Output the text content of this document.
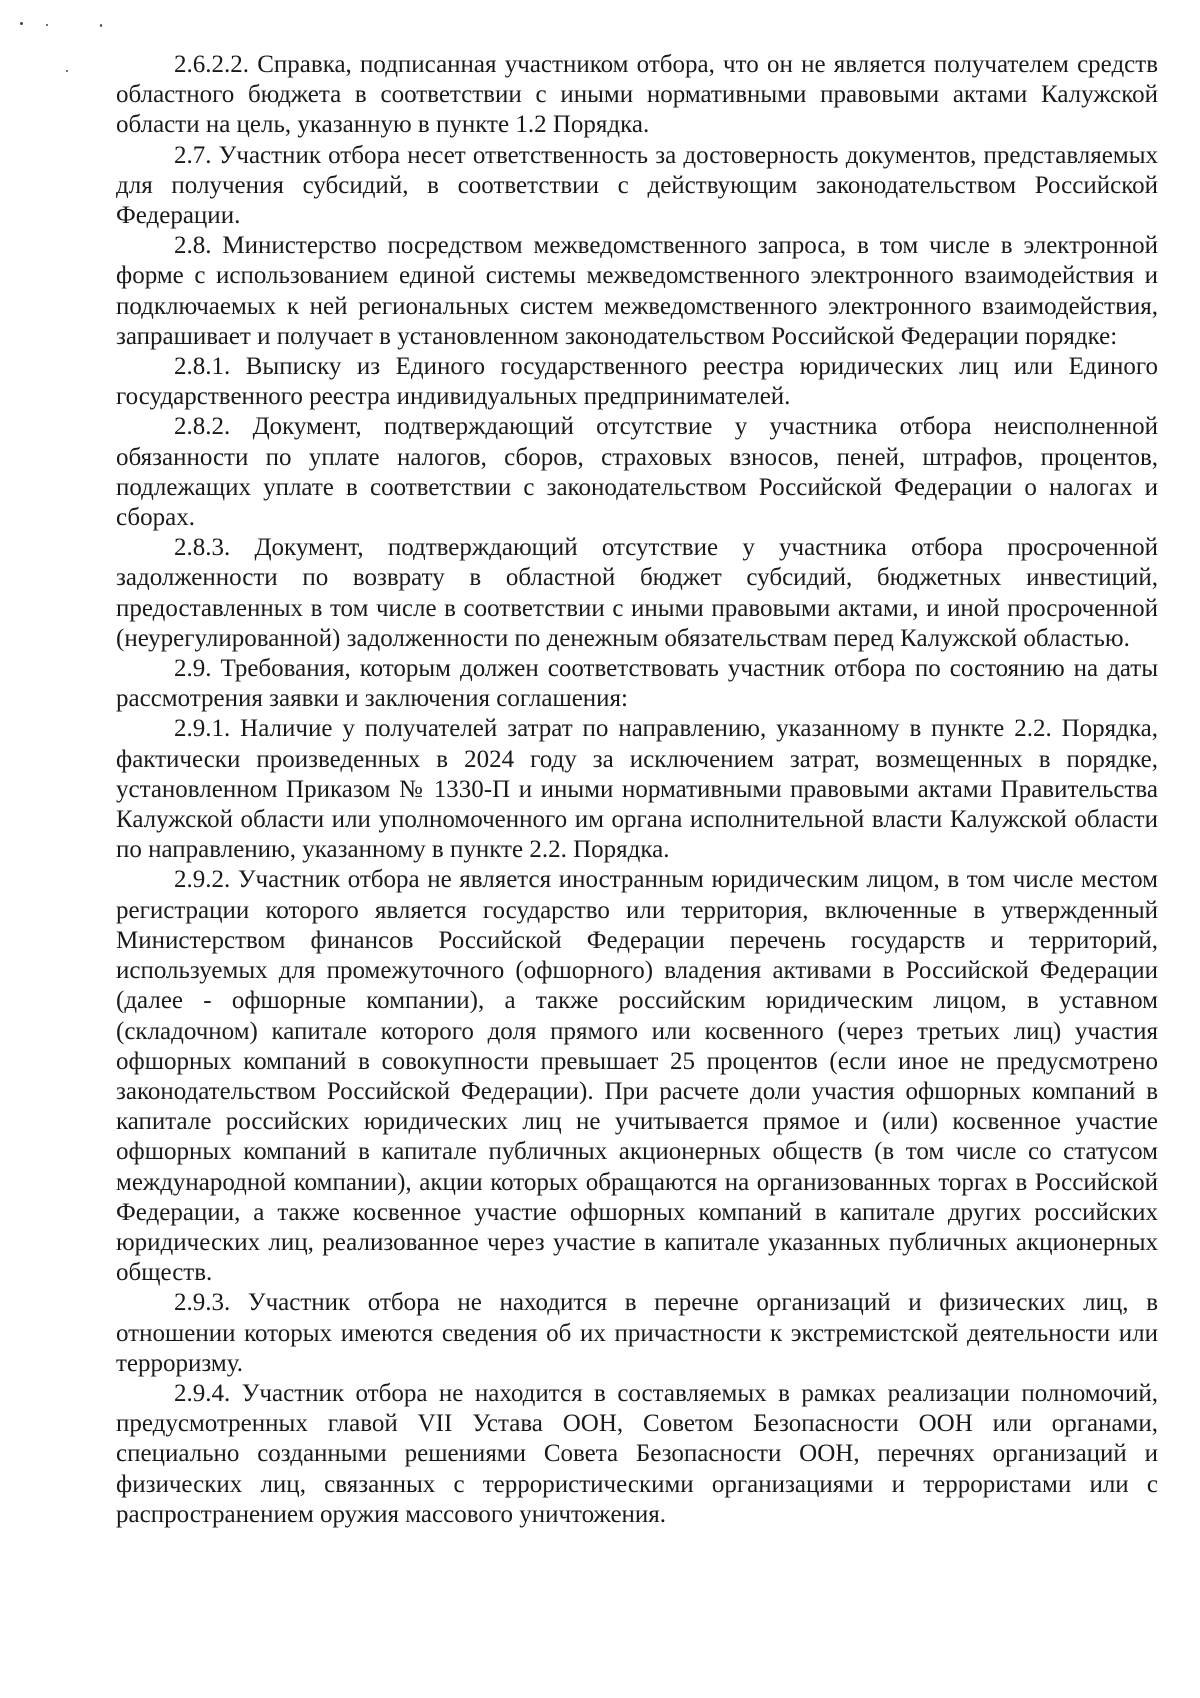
2.6.2.2. Справка, подписанная участником отбора, что он не является получателем средств областного бюджета в соответствии с иными нормативными правовыми актами Калужской области на цель, указанную в пункте 1.2 Порядка.

2.7. Участник отбора несет ответственность за достоверность документов, представляемых для получения субсидий, в соответствии с действующим законодательством Российской Федерации.

2.8. Министерство посредством межведомственного запроса, в том числе в электронной форме с использованием единой системы межведомственного электронного взаимодействия и подключаемых к ней региональных систем межведомственного электронного взаимодействия, запрашивает и получает в установленном законодательством Российской Федерации порядке:

2.8.1. Выписку из Единого государственного реестра юридических лиц или Единого государственного реестра индивидуальных предпринимателей.

2.8.2. Документ, подтверждающий отсутствие у участника отбора неисполненной обязанности по уплате налогов, сборов, страховых взносов, пеней, штрафов, процентов, подлежащих уплате в соответствии с законодательством Российской Федерации о налогах и сборах.

2.8.3. Документ, подтверждающий отсутствие у участника отбора просроченной задолженности по возврату в областной бюджет субсидий, бюджетных инвестиций, предоставленных в том числе в соответствии с иными правовыми актами, и иной просроченной (неурегулированной) задолженности по денежным обязательствам перед Калужской областью.

2.9. Требования, которым должен соответствовать участник отбора по состоянию на даты рассмотрения заявки и заключения соглашения:

2.9.1. Наличие у получателей затрат по направлению, указанному в пункте 2.2. Порядка, фактически произведенных в 2024 году за исключением затрат, возмещенных в порядке, установленном Приказом № 1330-П и иными нормативными правовыми актами Правительства Калужской области или уполномоченного им органа исполнительной власти Калужской области по направлению, указанному в пункте 2.2. Порядка.

2.9.2. Участник отбора не является иностранным юридическим лицом, в том числе местом регистрации которого является государство или территория, включенные в утвержденный Министерством финансов Российской Федерации перечень государств и территорий, используемых для промежуточного (офшорного) владения активами в Российской Федерации (далее - офшорные компании), а также российским юридическим лицом, в уставном (складочном) капитале которого доля прямого или косвенного (через третьих лиц) участия офшорных компаний в совокупности превышает 25 процентов (если иное не предусмотрено законодательством Российской Федерации). При расчете доли участия офшорных компаний в капитале российских юридических лиц не учитывается прямое и (или) косвенное участие офшорных компаний в капитале публичных акционерных обществ (в том числе со статусом международной компании), акции которых обращаются на организованных торгах в Российской Федерации, а также косвенное участие офшорных компаний в капитале других российских юридических лиц, реализованное через участие в капитале указанных публичных акционерных обществ.

2.9.3. Участник отбора не находится в перечне организаций и физических лиц, в отношении которых имеются сведения об их причастности к экстремистской деятельности или терроризму.

2.9.4. Участник отбора не находится в составляемых в рамках реализации полномочий, предусмотренных главой VII Устава ООН, Советом Безопасности ООН или органами, специально созданными решениями Совета Безопасности ООН, перечнях организаций и физических лиц, связанных с террористическими организациями и террористами или с распространением оружия массового уничтожения.
